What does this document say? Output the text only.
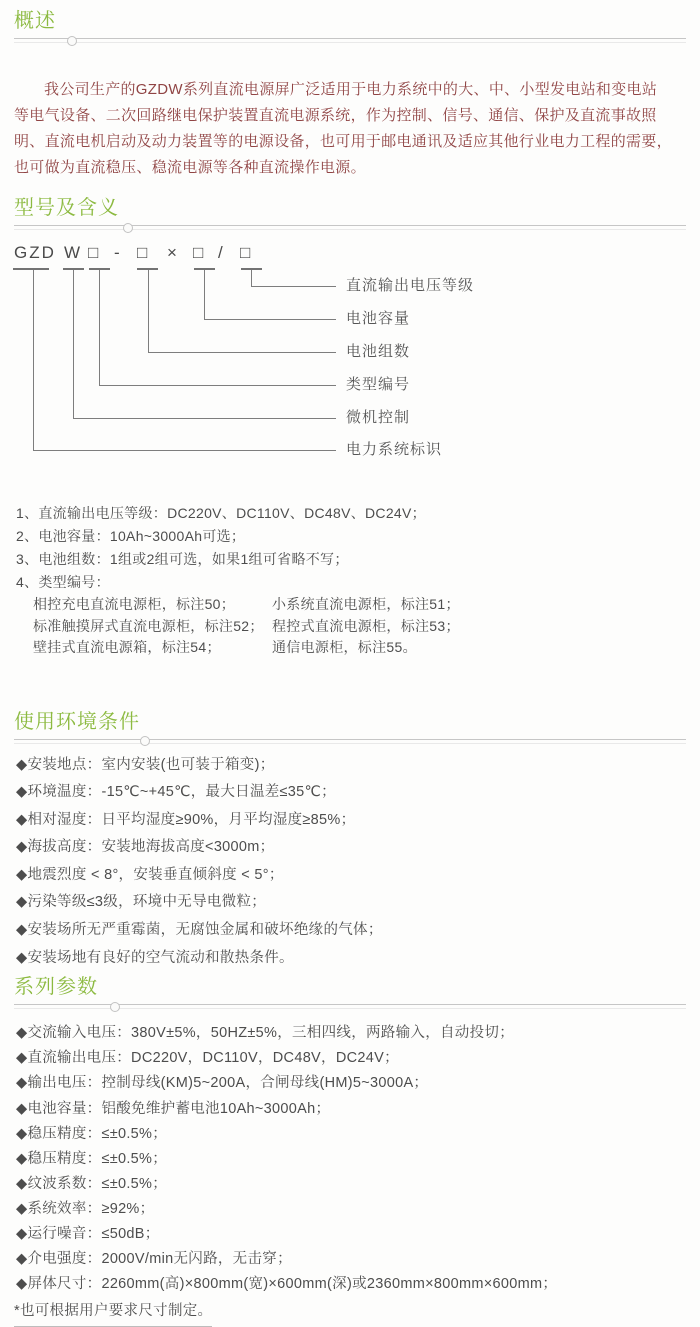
概述
我公司生产的GZDW系列直流电源屏广泛适用于电力系统中的大、中、小型发电站和变电站
等电气设备、二次回路继电保护装置直流电源系统，作为控制、信号、通信、保护及直流事故照
明、直流电机启动及动力装置等的电源设备，也可用于邮电通讯及适应其他行业电力工程的需要，
也可做为直流稳压、稳流电源等各种直流操作电源。
型号及含义
GZD W □ - □ × □ / □
直流输出电压等级
电池容量
电池组数
类型编号
微机控制
电力系统标识
1、直流输出电压等级：DC220V、DC110V、DC48V、DC24V；
2、电池容量：10Ah~3000Ah可选；
3、电池组数：1组或2组可选，如果1组可省略不写；
4、类型编号：
相控充电直流电源柜，标注50；	小系统直流电源柜，标注51；
标准触摸屏式直流电源柜，标注52； 程控式直流电源柜，标注53；
壁挂式直流电源箱，标注54；	通信电源柜，标注55。
使用环境条件
◆安装地点：室内安装(也可装于箱变)；
◆环境温度：-15℃~+45℃，最大日温差≤35℃；
◆相对湿度：日平均湿度≥90%，月平均湿度≥85%；
◆海拔高度：安装地海拔高度<3000m；
◆地震烈度 < 8°，安装垂直倾斜度 < 5°；
◆污染等级≤3级，环境中无导电微粒；
◆安装场所无严重霉菌，无腐蚀金属和破坏绝缘的气体；
◆安装场地有良好的空气流动和散热条件。
系列参数
◆交流输入电压：380V±5%，50HZ±5%，三相四线，两路输入，自动投切；
◆直流输出电压：DC220V，DC110V，DC48V，DC24V；
◆输出电压：控制母线(KM)5~200A，合闸母线(HM)5~3000A；
◆电池容量：铝酸免维护蓄电池10Ah~3000Ah；
◆稳压精度：≤±0.5%；
◆稳压精度：≤±0.5%；
◆纹波系数：≤±0.5%；
◆系统效率：≥92%；
◆运行噪音：≤50dB；
◆介电强度：2000V/min无闪路，无击穿；
◆屏体尺寸：2260mm(高)×800mm(宽)×600mm(深)或2360mm×800mm×600mm；
*也可根据用户要求尺寸制定。
